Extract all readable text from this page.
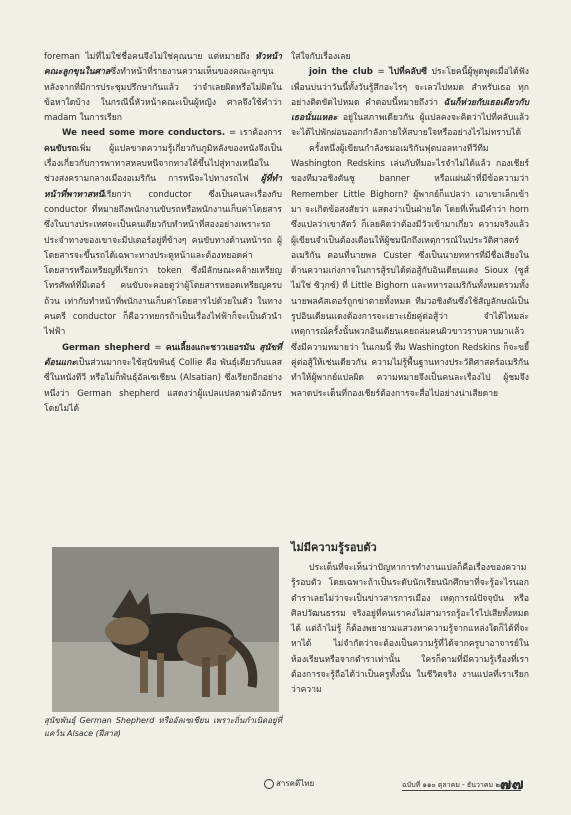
foreman ไม่ที่ไม่ใช่ชื่อคนจึงไม่ใช่คุณนาย แต่หมายถึง หัวหน้าคณะลูกขุนในศาลซึ่งทำหน้าที่รายงานความเห็นของคณะลูกขุน หลังจากที่มีการประชุมปรึกษากันแล้ว ว่าจำเลยผิดหรือไม่ผิดในข้อหาใดบ้าง ในกรณีนี้หัวหน้าคณะเป็นผู้หญิง ศาลจึงใช้คำว่า madam ในการเรียก

We need some more conductors. = เราต้องการคนขับรถเพิ่ม ผู้แปลขาดความรู้เกี่ยวกับภูมิหลังของหนังจึงเป็นเรื่องเกี่ยวกับการพาทาสหลบหนีจากทางใต้ขึ้นไปสู่ทางเหนือในช่วงสงครามกลางเมืองอเมริกัน การหนีจะไปทางรถไฟ ผู้ที่ทำหน้าที่พาทาสหนีเรียกว่า conductor ซึ่งเป็นคนละเรื่องกับ conductor ที่หมายถึงพนักงานขับรถหรือพนักงานเก็บค่าโดยสาร ซึ่งในบางประเทศจะเป็นคนเดียวกับทำหน้าที่สองอย่างเพราะรถประจำทางของเขาจะมีปเตอร์อยู่ที่ข้างๆ คนขับทางด้านหน้ารถ ผู้โดยสารจะขึ้นรถได้เฉพาะทางประตูหน้าและต้องหยอดค่าโดยสารหรือเหรียญที่เรียกว่า token ซึ่งมีลักษณะคล้ายเหรียญโทรศัพท์ที่มีเตอร์ คนขับจะคอยดูว่าผู้โดยสารหยอดเหรียญครบถ้วน เท่ากับทำหน้าที่พนักงานเก็บค่าโดยสารไปด้วยในตัว ในทางคนตรี conductor ก็คือวาทยกรถ้าเป็นเรื่องไฟฟ้าก็จะเป็นตัวนำไฟฟ้า

German shepherd = คนเลี้ยงแกะชาวเยอรมัน สุนัขที่ต้อนแกะเป็นส่วนมากจะใช้สุนัขพันธุ์ Collie คือ พันธุ์เดียวกับแลสซี่ในหนังทีวี หรือไม่ก็พันธุ์อัลเซเชียน (Alsatian) ซึ่งเรียกอีกอย่างหนึ่งว่า German shepherd แสดงว่าผู้แปลแปลตามตัวอักษรโดยไม่ได้

สุนัขพันธุ์ German Shepherd หรืออัลเซเชียน เพราะถิ่นกำเนิดอยู่ที่แคว้น Alsace (ฝีสาส)

ใส่ใจกับเรื่องเลย

join the club = ไปที่คลับซี ประโยคนี้ผู้พูดพูดเมื่อได้ฟังเพื่อนบ่นว่าวันนี้ทั้งวันรู้สึกอะไรๆ จะเลวไปหมด สำหรับเธอ ทุกอย่างติดขัดไปหมด คำตอบนี้หมายถึงว่า ฉันก็ห่วยกับเธอเดียวกับเธอนั่นแหละ อยู่ในสภาพเดียวกัน ผู้แปลคงจะคิดว่าไปที่คลับแล้วจะได้ไปพักผ่อนออกกำลังกายให้สบายใจหรืออย่างไรไม่ทราบได้

ครั้งหนึ่งผู้เขียนกำลังชมอเมริกันฟุตบอลทางทีวีทีม Washington Redskins เล่นกับทีมอะไรจำไม่ได้แล้ว กองเชียร์ของทีมวอชิงตันชู banner หรือแผ่นผ้าที่มีข้อความว่า Remember Little Bighorn? ผู้พากย์ก็แปลว่า เอาเขาเล็กเข้ามา จะเกิดข้อสงสัยว่า แสดงว่าเป็นฝ่ายใด โดยที่เห็นมีคำว่า horn ซึ่งแปลว่าเขาสัตว์ ก็เลยคิดว่าต้องมีวัวเข้ามาเกี่ยว ความจริงแล้ว ผู้เขียนจำเป็นต้องเตือนให้ผู้ชมนึกถึงเหตุการณ์ในประวัติศาสตร์อเมริกัน ตอนที่นายพล Custer ซึ่งเป็นนายทหารที่มีชื่อเสียงในด้านความเก่งกาจในการสู้รบได้ต่อสู้กับอินเดียนแดง Sioux (ซูส์ ไม่ใช่ ซิวุกซ์) ที่ Little Bighorn และทหารอเมริกันทั้งหมดรวมทั้งนายพลคัสเตอร์ถูกฆ่าตายทั้งหมด ทีมวอชิงตันซึ่งใช้สัญลักษณ์เป็นรูปอินเดียนแดงต้องการจะเยาะเย้ยคู่ต่อสู้ว่า จำได้ไหมล่ะ เหตุการณ์ครั้งนั้นพวกอินเดียนเคยถล่มคนผิวขาวราบคาบมาแล้ว ซึ่งมีความหมายว่า ในเกมนี้ ทีม Washington Redskins ก็จะขยี้คู่ต่อสู้ให้เช่นเดียวกัน ความไม่รู้พื้นฐานทางประวัติศาสตร์อเมริกันทำให้ผู้พากย์แปลผิด ความหมายจึงเป็นคนละเรื่องไป ผู้ชมจึงพลาดประเด็นที่กองเชียร์ต้องการจะสื่อไปอย่างน่าเสียดาย

ไม่มีความรู้รอบตัว

ประเด็นที่จะเห็นว่าปัญหาการทำงานแปลก็คือเรื่องของความรู้รอบตัว โดยเฉพาะถ้าเป็นระดับนักเรียนนักศึกษาที่จะรู้อะไรนอกตำราเลยไม่ว่าจะเป็นข่าวสารการเมือง เหตุการณ์ปัจจุบัน หรือศิลปวัฒนธรรม จริงอยู่ที่คนเราคงไม่สามารถรู้อะไรไปเสียทั้งหมดได้ แต่ถ้าไม่รู้ ก็ต้องพยายามแสวงหาความรู้จากแหล่งใดก็ได้ที่จะหาได้ ไม่จำกัดว่าจะต้องเป็นความรู้ที่ได้จากครูบาอาจารย์ในห้องเรียนหรือจากตำราเท่านั้น ใครก็ตามที่มีความรู้เรื่องที่เราต้องการจะรู้ถือได้ว่าเป็นครูทั้งนั้น ในชีวิตจริง งานแปลที่เราเรียกว่าความ

สารคดีไทย	ฉบับที่ ๑๑๐ ตุลาคม - ธันวาคม ๒๕๕๖
๗๗
